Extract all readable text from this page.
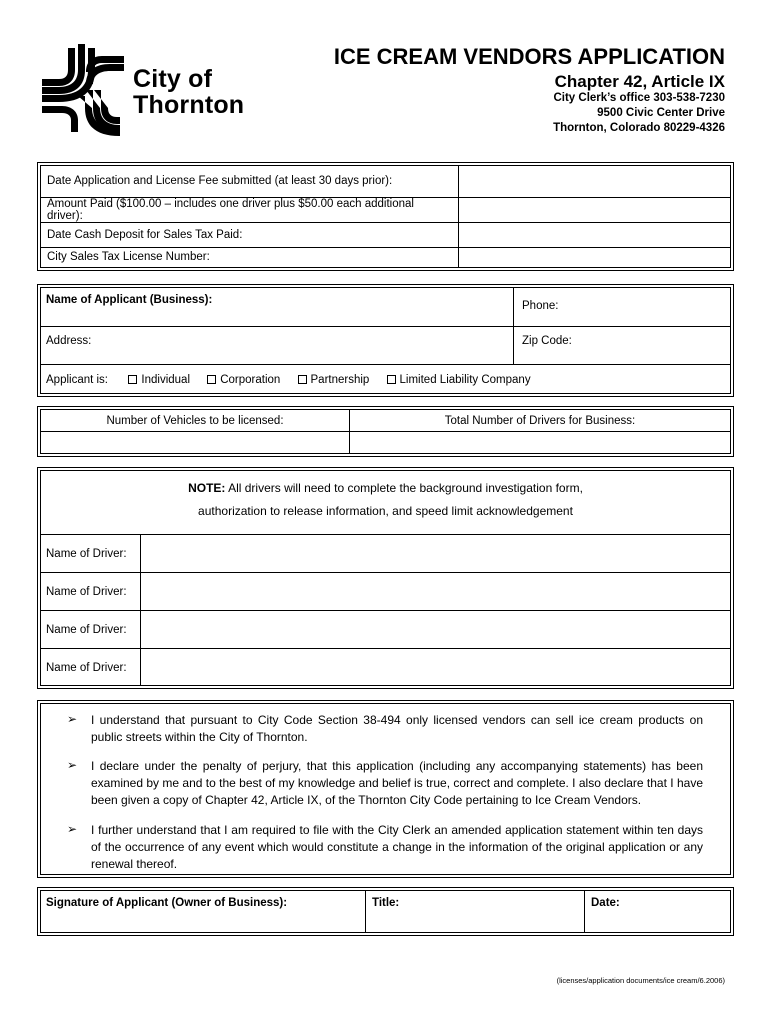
City of
Thornton
ICE CREAM VENDORS APPLICATION
Chapter 42, Article IX
City Clerk’s office 303-538-7230
9500 Civic Center Drive
Thornton, Colorado 80229-4326
Date Application and License Fee submitted (at least 30 days prior):	
Amount Paid ($100.00 – includes one driver plus $50.00 each additional driver):	
Date Cash Deposit for Sales Tax Paid:	
City Sales Tax License Number:	
Name of Applicant (Business):	Phone:
Address:	Zip Code:
Applicant is:	Individual	Corporation	Partnership	Limited Liability Company
Number of Vehicles to be licensed:	Total Number of Drivers for Business:
NOTE: All drivers will need to complete the background investigation form,
authorization to release information, and speed limit acknowledgement
Name of Driver:
Name of Driver:
Name of Driver:
Name of Driver:
➢ I understand that pursuant to City Code Section 38-494 only licensed vendors can sell ice cream products on public streets within the City of Thornton.
➢ I declare under the penalty of perjury, that this application (including any accompanying statements) has been examined by me and to the best of my knowledge and belief is true, correct and complete. I also declare that I have been given a copy of Chapter 42, Article IX, of the Thornton City Code pertaining to Ice Cream Vendors.
➢ I further understand that I am required to file with the City Clerk an amended application statement within ten days of the occurrence of any event which would constitute a change in the information of the original application or any renewal thereof.
Signature of Applicant (Owner of Business):	Title:	Date:
(licenses/application documents/ice cream/6.2006)
